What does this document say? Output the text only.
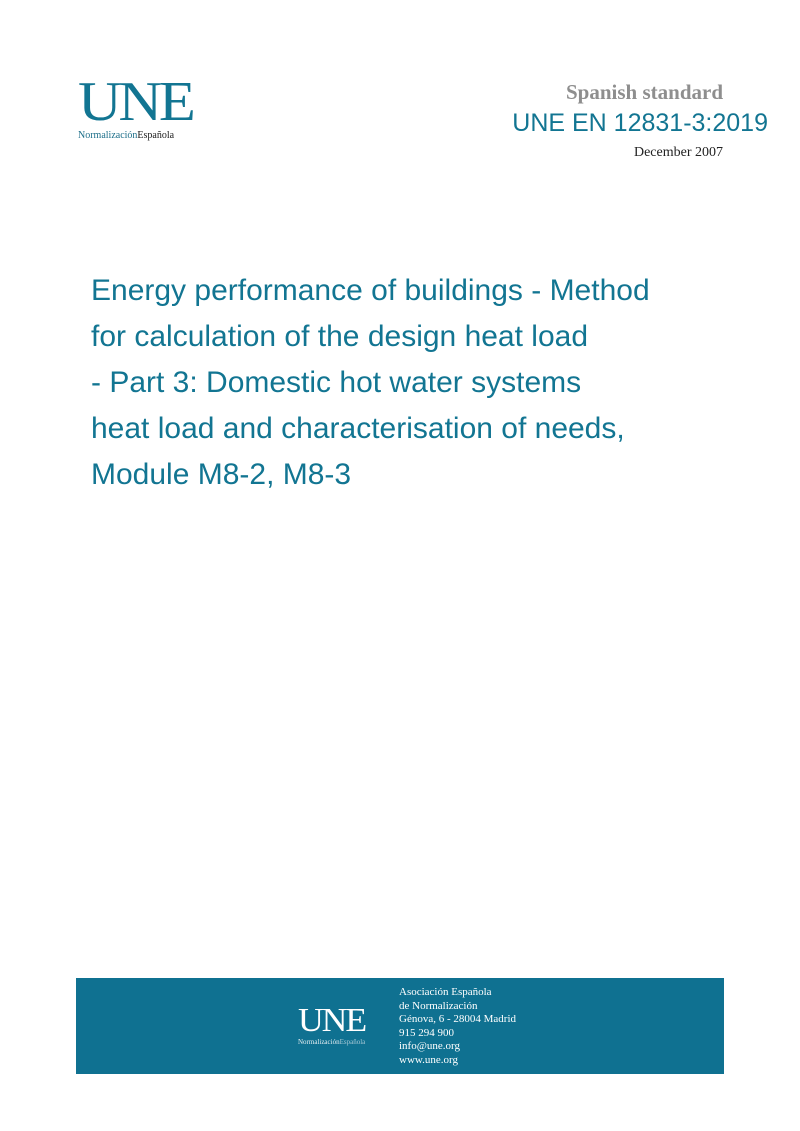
UNE
NormalizaciónEspañola
Spanish standard
UNE EN 12831-3:2019
December 2007
Energy performance of buildings - Method
for calculation of the design heat load
- Part 3: Domestic hot water systems
heat load and characterisation of needs,
Module M8-2, M8-3
UNE
NormalizaciónEspañola
Asociación Española
de Normalización
Génova, 6 - 28004 Madrid
915 294 900
info@une.org
www.une.org
